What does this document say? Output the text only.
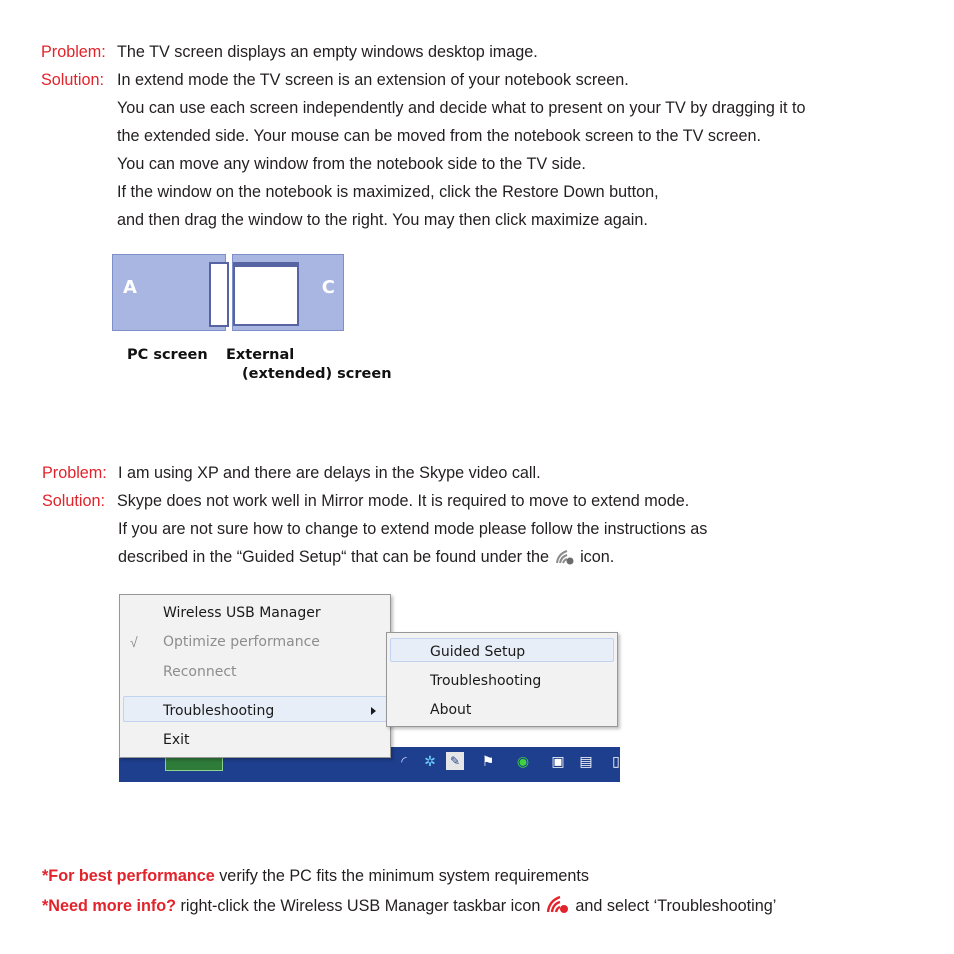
Problem: The TV screen displays an empty windows desktop image.
Solution: In extend mode the TV screen is an extension of your notebook screen.
You can use each screen independently and decide what to present on your TV by dragging it to
the extended side. Your mouse can be moved from the notebook screen to the TV screen.
You can move any window from the notebook side to the TV side.
If the window on the notebook is maximized, click the Restore Down button,
and then drag the window to the right. You may then click maximize again.
A	C
PC screen External
(extended) screen
Problem: I am using XP and there are delays in the Skype video call.
Solution: Skype does not work well in Mirror mode. It is required to move to extend mode.
If you are not sure how to change to extend mode please follow the instructions as
described in the “Guided Setup“ that can be found under the icon.
◜	✲	✎ ⚑ ◉ ▣ ▤	▯
Wireless USB Manager
√ Optimize performance
Reconnect
Troubleshooting
Exit
Guided Setup
Troubleshooting
About
*For best performance verify the PC fits the minimum system requirements
*Need more info? right-click the Wireless USB Manager taskbar icon  and select ‘Troubleshooting’
